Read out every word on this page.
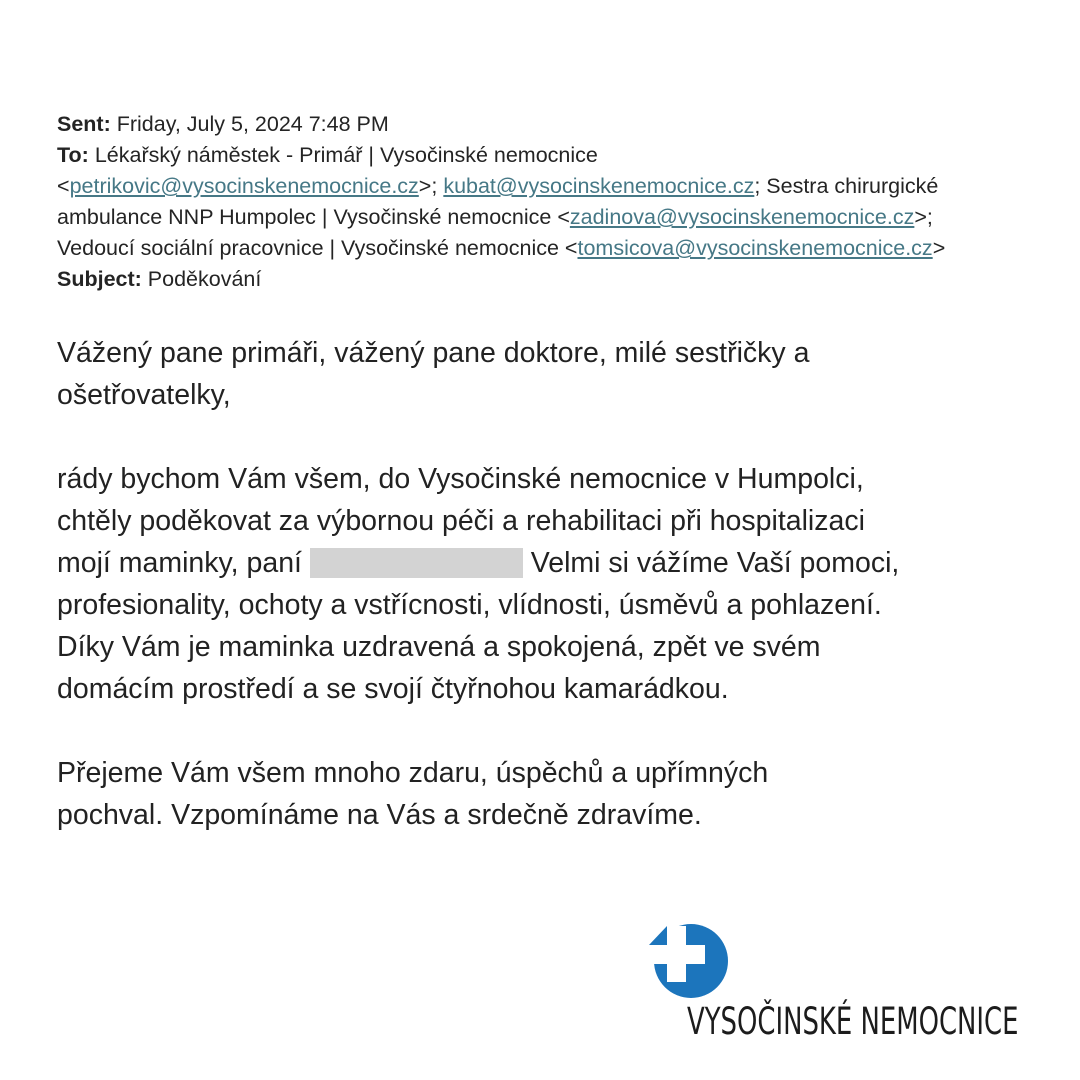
Sent: Friday, July 5, 2024 7:48 PM
To: Lékařský náměstek - Primář | Vysočinské nemocnice
<petrikovic@vysocinskenemocnice.cz>; kubat@vysocinskenemocnice.cz; Sestra chirurgické
ambulance NNP Humpolec | Vysočinské nemocnice <zadinova@vysocinskenemocnice.cz>;
Vedoucí sociální pracovnice | Vysočinské nemocnice <tomsicova@vysocinskenemocnice.cz>
Subject: Poděkování

Vážený pane primáři, vážený pane doktore, milé sestřičky a
ošetřovatelky,

rády bychom Vám všem, do Vysočinské nemocnice v Humpolci,
chtěly poděkovat za výbornou péči a rehabilitaci při hospitalizaci
mojí maminky, paní	Velmi si vážíme Vaší pomoci,
profesionality, ochoty a vstřícnosti, vlídnosti, úsměvů a pohlazení.
Díky Vám je maminka uzdravená a spokojená, zpět ve svém
domácím prostředí a se svojí čtyřnohou kamarádkou.

Přejeme Vám všem mnoho zdaru, úspěchů a upřímných
pochval. Vzpomínáme na Vás a srdečně zdravíme.

VYSOČINSKÉ NEMOCNICE
